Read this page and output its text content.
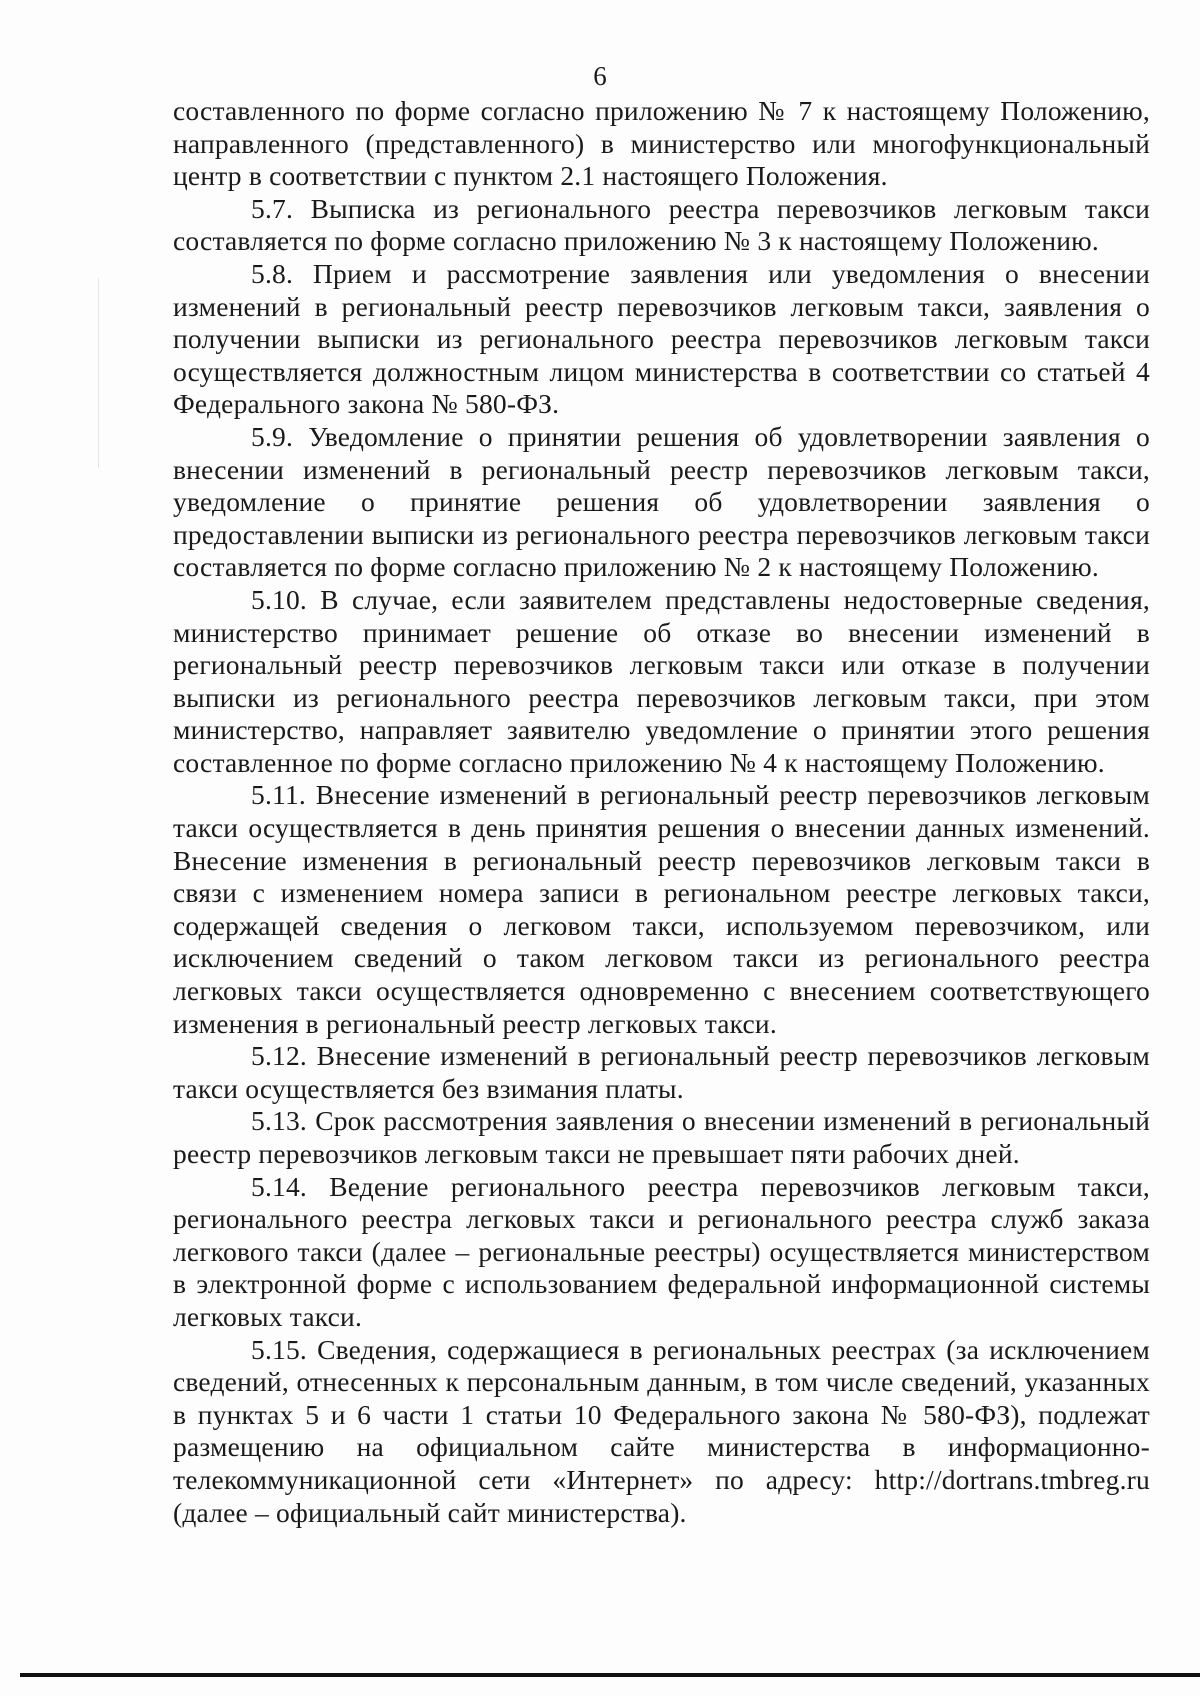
6

составленного по форме согласно приложению № 7 к настоящему Положению, направленного (представленного) в министерство или многофункциональный центр в соответствии с пунктом 2.1 настоящего Положения.

5.7. Выписка из регионального реестра перевозчиков легковым такси составляется по форме согласно приложению № 3 к настоящему Положению.

5.8. Прием и рассмотрение заявления или уведомления о внесении изменений в региональный реестр перевозчиков легковым такси, заявления о получении выписки из регионального реестра перевозчиков легковым такси осуществляется должностным лицом министерства в соответствии со статьей 4 Федерального закона № 580-ФЗ.

5.9. Уведомление о принятии решения об удовлетворении заявления о внесении изменений в региональный реестр перевозчиков легковым такси, уведомление о принятие решения об удовлетворении заявления о предоставлении выписки из регионального реестра перевозчиков легковым такси составляется по форме согласно приложению № 2 к настоящему Положению.

5.10. В случае, если заявителем представлены недостоверные сведения, министерство принимает решение об отказе во внесении изменений в региональный реестр перевозчиков легковым такси или отказе в получении выписки из регионального реестра перевозчиков легковым такси, при этом министерство, направляет заявителю уведомление о принятии этого решения составленное по форме согласно приложению № 4 к настоящему Положению.

5.11. Внесение изменений в региональный реестр перевозчиков легковым такси осуществляется в день принятия решения о внесении данных изменений. Внесение изменения в региональный реестр перевозчиков легковым такси в связи с изменением номера записи в региональном реестре легковых такси, содержащей сведения о легковом такси, используемом перевозчиком, или исключением сведений о таком легковом такси из регионального реестра легковых такси осуществляется одновременно с внесением соответствующего изменения в региональный реестр легковых такси.

5.12. Внесение изменений в региональный реестр перевозчиков легковым такси осуществляется без взимания платы.

5.13. Срок рассмотрения заявления о внесении изменений в региональный реестр перевозчиков легковым такси не превышает пяти рабочих дней.

5.14. Ведение регионального реестра перевозчиков легковым такси, регионального реестра легковых такси и регионального реестра служб заказа легкового такси (далее – региональные реестры) осуществляется министерством в электронной форме с использованием федеральной информационной системы легковых такси.

5.15. Сведения, содержащиеся в региональных реестрах (за исключением сведений, отнесенных к персональным данным, в том числе сведений, указанных в пунктах 5 и 6 части 1 статьи 10 Федерального закона № 580-ФЗ), подлежат размещению на официальном сайте министерства в информационно-телекоммуникационной сети «Интернет» по адресу: http://dortrans.tmbreg.ru (далее – официальный сайт министерства).
